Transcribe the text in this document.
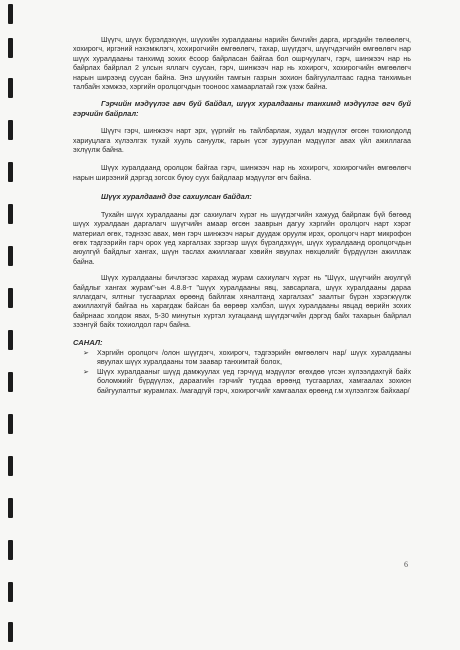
Шүүгч, шүүх бүрэлдэхүүн, шүүхийн хуралдааны нарийн бичгийн дарга, иргэдийн төлөөлөгч, хохирогч, иргэний нэхэмжлэгч, хохирогчийн өмгөөлөгч, тахар, шүүгдэгч, шүүгчдэгчийн өмгөөлөгч нар шүүх хуралдааны танхимд зохих ёсоор байрласан байгаа бол ошрчуулагч, гэрч, шинжээч нар нь байрлах байрлал 2 улсын яллагч суусан, гэрч, шинжээч нар нь хохирогч, хохирогчийн өмгөөлөгч нарын ширээнд суусан байна. Энэ шүүхийн тамгын газрын зохион байгуулалтаас гадна танхимын талбайн хэмжээ, хэргийн оролцогчдын тоонооc хамаарлатай гэж үзэж байна.

Гэрчийн мэдүүлэг авч буй байдал, шүүх хуралдааны танхимд мэдүүлэг өгч буй гэрчийн байрлал:

Шүүгч гэрч, шинжээч нарт эрх, үүргийг нь тайлбарлаж, худал мэдүүлэг өгсөн тохиолдолд хариуцлага хүлээлгэх тухай хууль сануулж, гарын үсэг зуруулан мэдүүлэг авах үйл ажиллагаа эхлүүлж байна.

Шүүх хуралдаанд оролцож байгаа гэрч, шинжээч нар нь хохирогч, хохирогчийн өмгөөлөгч нарын ширээний дэргэд зогсох бүюу суух байдлаар мэдүүлэг өгч байна.

Шүүх хуралдаанд дэг сахиулсан байдал:

Тухайн шүүх хуралдааны дэг сахиулагч хүрэг нь шүүгдэгчийн хажууд байрлаж бүй бөгөөд шүүх хуралдаан даргалагч шүүгчийн амаар өгсөн зааврын дагуу хэргийн оролцогч нарт хэрэг материал өгөх, тэднээс авах, мөн гэрч шинжээч нарыг дуудаж оруулж ирэх, оролцогч нарт микрофон өгөх тэдгээрийн гарч орох үед харгалзах зэргээр шүүх бүрэлдэхүүн, шүүх хуралдаанд оролцогчдын аюулгүй байдлыг хангах, шүүн таслах ажиллагааг хэвийн явуулах нөхцөлийг бүрдүүлэн ажиллаж байна.

Шүүх хуралдааны бичлэгээс харахад журам сахиулагч хүрэг нь "Шүүх, шүүгчийн аюулгүй байдлыг хангах журам"-ын 4.8.8-т "шүүх хуралдааны явц, завсарлага, шүүх хуралдааны дараа яллагдагч, ялтныг тусгаарлах өрөөнд байлгаж хяналтанд харгалзах" заалтыг бүрэн хэрэгжүүлж ажиллахгүй байгаа нь харагдаж байсан ба өөрөөр хэлбэл, шүүх хуралдааны явцад өөрийн зохих байрнаас холдож явах, 5-30 минутын хүртэл хугацаанд шүүгдэгчийн дэргэд байх тахарын байрлал зээнгүй байх тохиолдол гарч байна.

САНАЛ:
➢ Хэргийн оролцогч /олон шүүгдэгч, хохирогч, тэдгээрийн өмгөөлөгч нар/ шүүх хуралдааны явуулах шүүх хуралдааны том заавар танхимтай болох,
➢ Шүүх хуралдааныг шүүд дамжуулах үед гэрчүүд мэдүүлэг өгөхдөө үгсэн хүлээлдахгүй байх боломжийг бүрдүүлэх, дараагийн гэрчийг тусдаа өрөөнд тусгаарлах, хамгаалах зохион байгуулалтыг журамлах. /магадгүй гэрч, хохирогчийг хамгаалах өрөөнд г.м хүлээлгэж байхаар/
6
